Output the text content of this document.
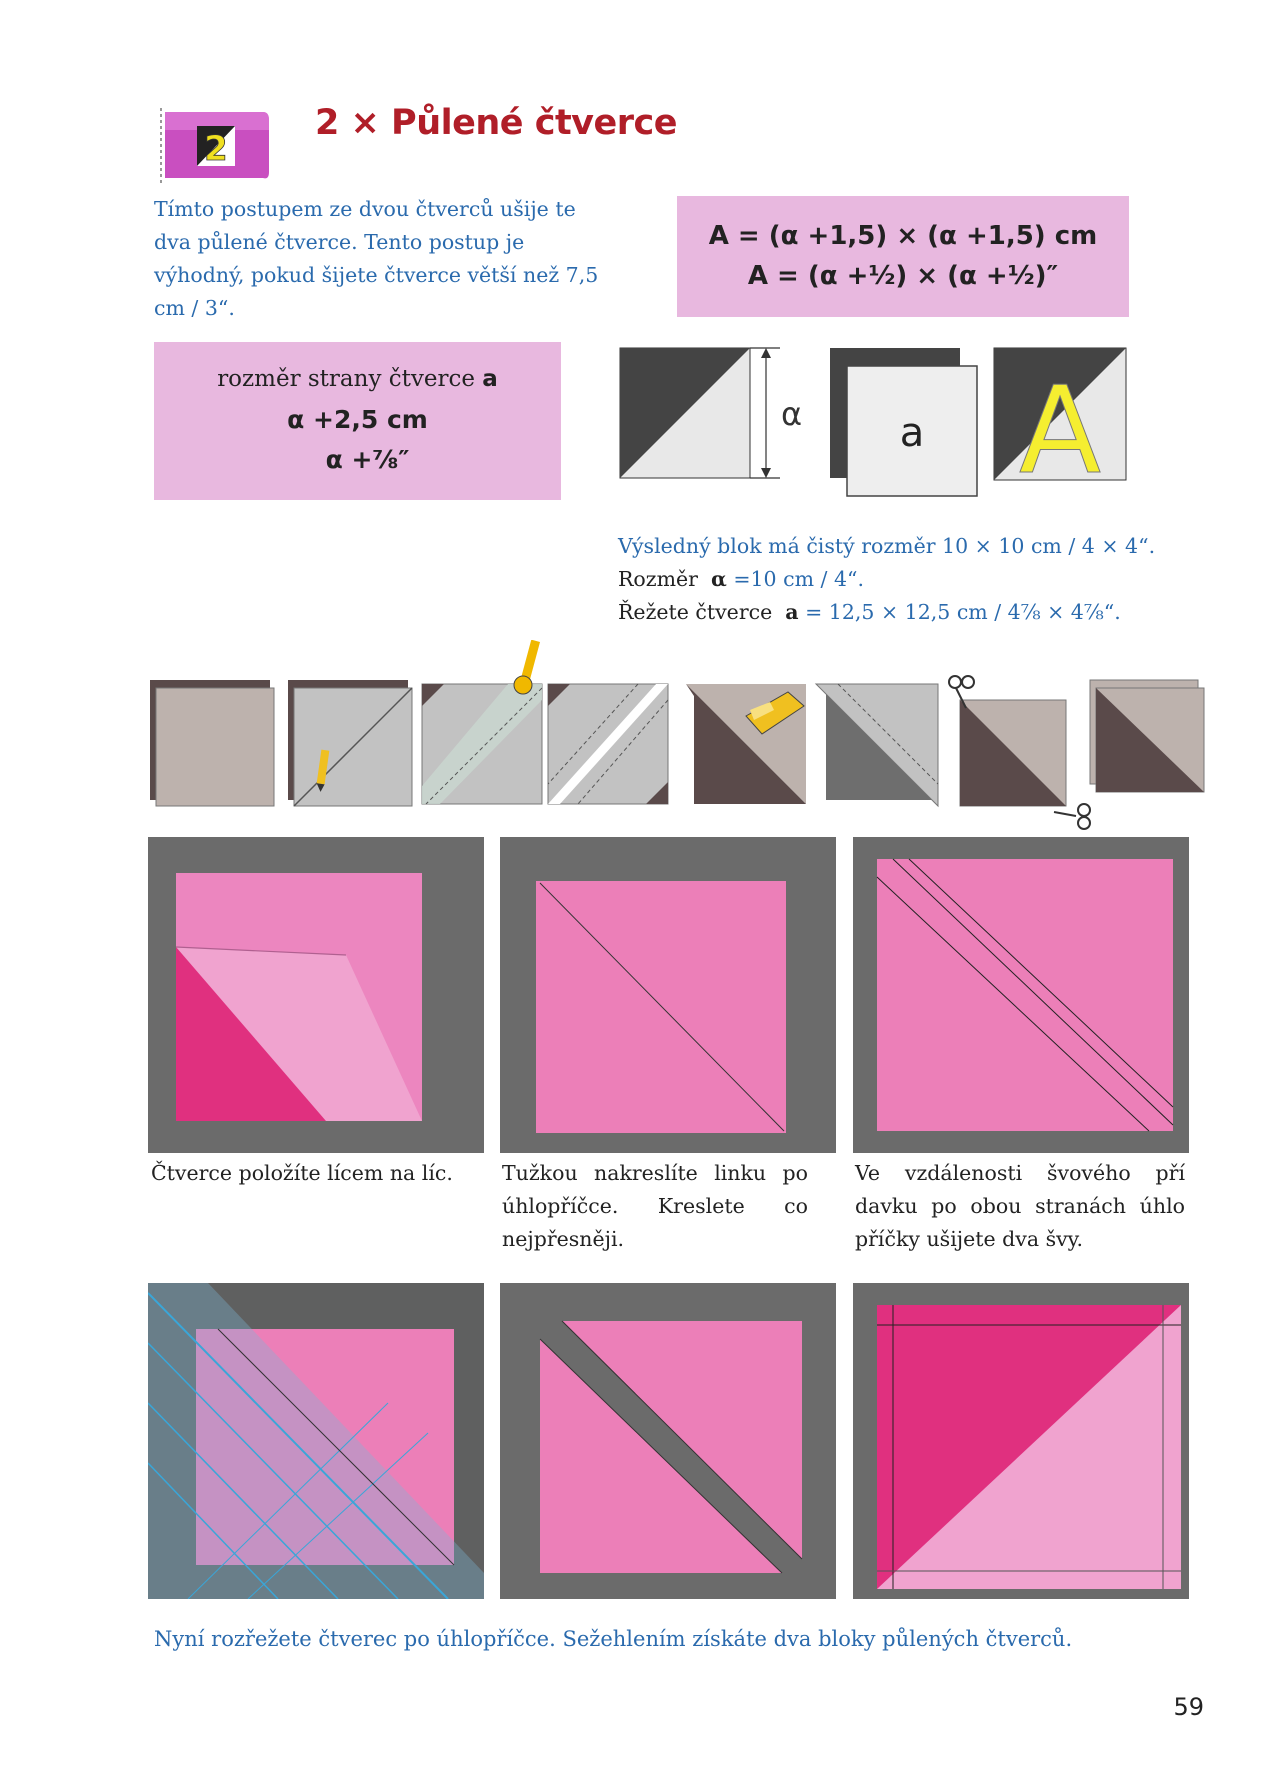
2
2 × Půlené čtverce
Tímto postupem ze dvou čtverců ušije te dva půlené čtverce. Tento postup je výhodný, pokud šijete čtverce větší než 7,5 cm / 3“.
A = (α +1,5) × (α +1,5) cm
A = (α +½) × (α +½)″
rozměr strany čtverce a
α +2,5 cm
α +⅞″
α a A
Výsledný blok má čistý rozměr 10 × 10 cm / 4 × 4“.
Rozměr α =10 cm / 4“.
Řežete čtverce a = 12,5 × 12,5 cm / 4⅞ × 4⅞“.
Čtverce položíte lícem na líc.	Tužkou nakreslíte linku po úhlopříčce. Kreslete co nejpřesněji.
Ve vzdálenosti švového pří davku po obou stranách úhlo příčky ušijete dva švy.
Nyní rozřežete čtverec po úhlopříčce. Sežehlením získáte dva bloky půlených čtverců.
59
